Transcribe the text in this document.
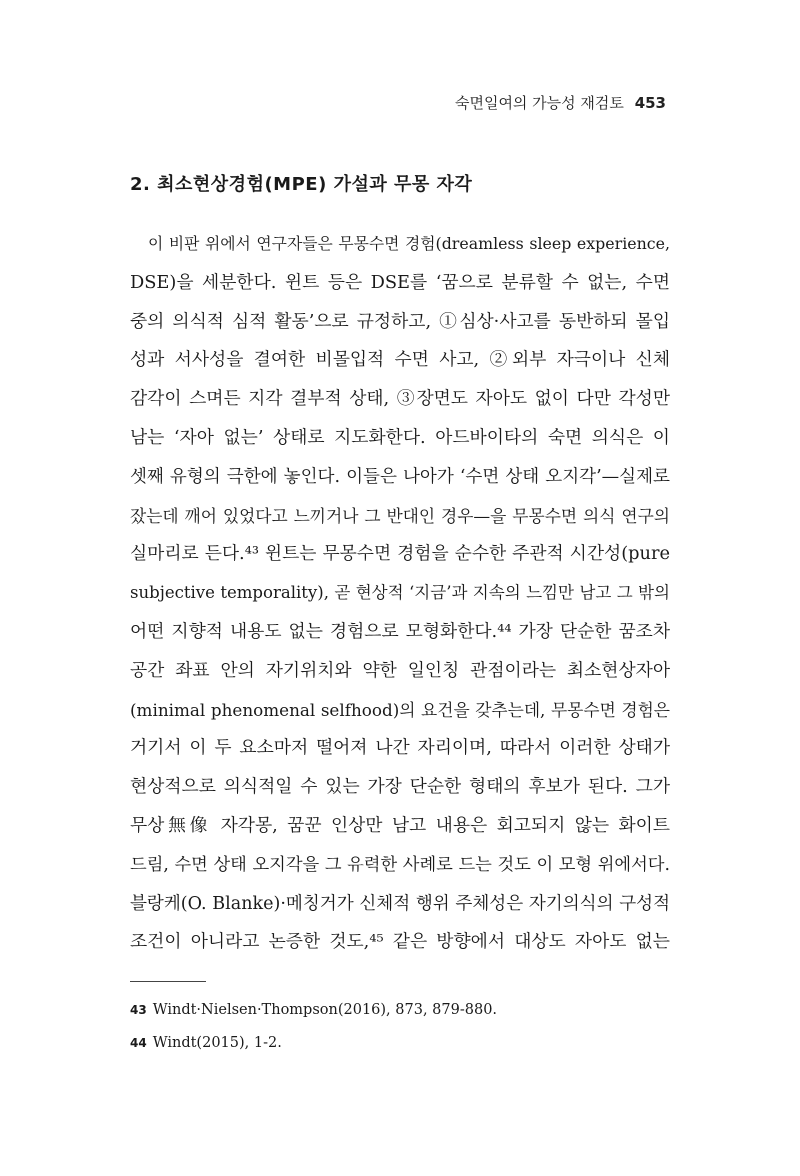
숙면일여의 가능성 재검토 453
2. 최소현상경험(MPE) 가설과 무몽 자각
이 비판 위에서 연구자들은 무몽수면 경험(dreamless sleep experience,
DSE)을 세분한다. 윈트 등은 DSE를 ‘꿈으로 분류할 수 없는, 수면
중의 의식적 심적 활동’으로 규정하고, ①심상·사고를 동반하되 몰입
성과 서사성을 결여한 비몰입적 수면 사고, ②외부 자극이나 신체
감각이 스며든 지각 결부적 상태, ③장면도 자아도 없이 다만 각성만
남는 ‘자아 없는’ 상태로 지도화한다. 아드바이타의 숙면 의식은 이
셋째 유형의 극한에 놓인다. 이들은 나아가 ‘수면 상태 오지각’—실제로
잤는데 깨어 있었다고 느끼거나 그 반대인 경우—을 무몽수면 의식 연구의
실마리로 든다.⁴³ 윈트는 무몽수면 경험을 순수한 주관적 시간성(pure
subjective temporality), 곧 현상적 ‘지금’과 지속의 느낌만 남고 그 밖의
어떤 지향적 내용도 없는 경험으로 모형화한다.⁴⁴ 가장 단순한 꿈조차
공간 좌표 안의 자기위치와 약한 일인칭 관점이라는 최소현상자아
(minimal phenomenal selfhood)의 요건을 갖추는데, 무몽수면 경험은
거기서 이 두 요소마저 떨어져 나간 자리이며, 따라서 이러한 상태가
현상적으로 의식적일 수 있는 가장 단순한 형태의 후보가 된다. 그가
무상無像 자각몽, 꿈꾼 인상만 남고 내용은 회고되지 않는 화이트
드림, 수면 상태 오지각을 그 유력한 사례로 드는 것도 이 모형 위에서다.
블랑케(O. Blanke)·메칭거가 신체적 행위 주체성은 자기의식의 구성적
조건이 아니라고 논증한 것도,⁴⁵ 같은 방향에서 대상도 자아도 없는
43 Windt·Nielsen·Thompson(2016), 873, 879-880.
44 Windt(2015), 1-2.
